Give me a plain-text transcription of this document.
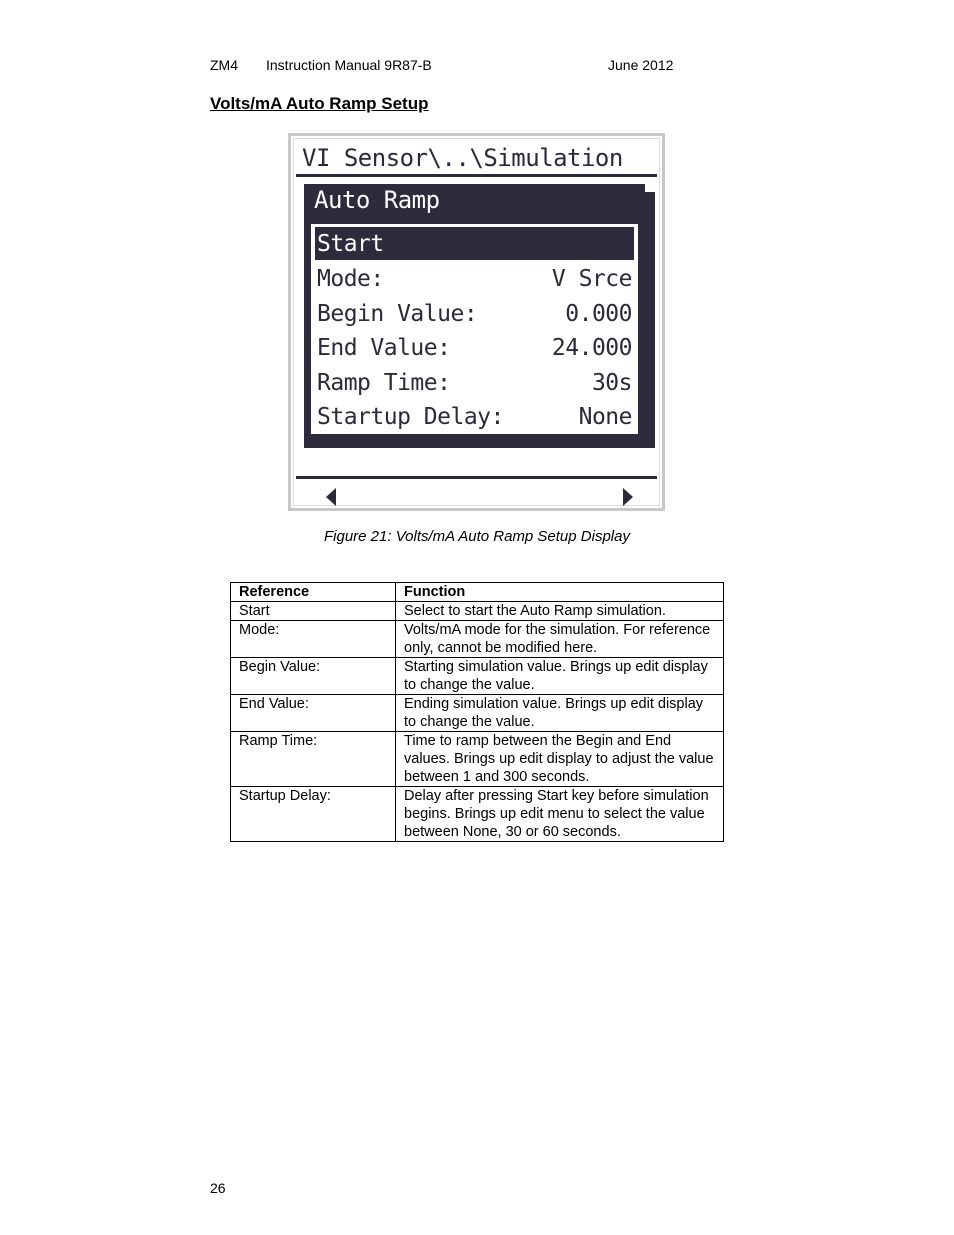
ZM4 Instruction Manual 9R87-B	June 2012
Volts/mA Auto Ramp Setup
VI Sensor\..\Simulation
Auto Ramp
Start
Mode:	V Srce
Begin Value:	0.000
End Value:	24.000
Ramp Time:	30s
Startup Delay:	None
Figure 21: Volts/mA Auto Ramp Setup Display
Reference	Function
Start	Select to start the Auto Ramp simulation.
Mode:	Volts/mA mode for the simulation. For reference only, cannot be modified here.
Begin Value:	Starting simulation value. Brings up edit display to change the value.
End Value:	Ending simulation value. Brings up edit display to change the value.
Ramp Time:	Time to ramp between the Begin and End values. Brings up edit display to adjust the value between 1 and 300 seconds.
Startup Delay:	Delay after pressing Start key before simulation begins. Brings up edit menu to select the value between None, 30 or 60 seconds.
26
